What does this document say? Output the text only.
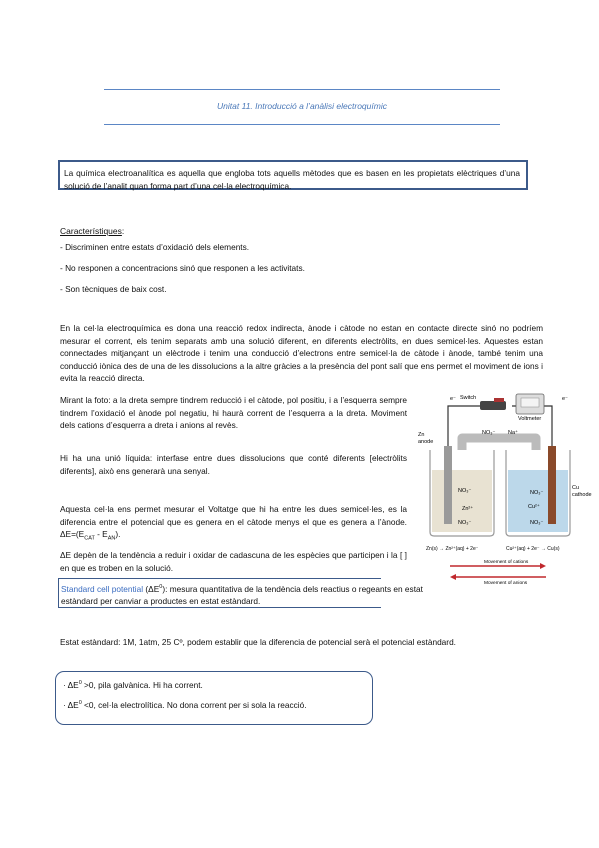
Unitat 11. Introducció a l’anàlisi electroquímic
La química electroanalítica es aquella que engloba tots aquells mètodes que es basen en les propietats elèctriques d’una solució de l’analit quan forma part d’una cel·la electroquímica.
Característiques:
- Discriminen entre estats d’oxidació dels elements.
- No responen a concentracions sinó que responen a les activitats.
- Son tècniques de baix cost.
En la cel·la electroquímica es dona una reacció redox indirecta, ànode i càtode no estan en contacte directe sinó no podríem mesurar el corrent, els tenim separats amb una solució diferent, en diferents electròlits, en dues semicel·les. Aquestes estan connectades mitjançant un elèctrode i tenim una conducció d’electrons entre semicel·la de càtode i ànode, també tenim una conducció iònica des de una de les dissolucions a la altre gràcies a la presència del pont salí que ens permet el moviment de ions i evita la reacció directa.
Mirant la foto: a la dreta sempre tindrem reducció i el càtode, pol positiu, i a l’esquerra sempre tindrem l’oxidació el ànode pol negatiu, hi haurà corrent de l’esquerra a la dreta. Moviment dels cations d’esquerra a dreta i anions al revès.
Hi ha una unió líquida: interfase entre dues dissolucions que conté diferents [electròlits diferents], això ens generarà una senyal.
Aquesta cel·la ens permet mesurar el Voltatge que hi ha entre les dues semicel·les, es la diferencia entre el potencial que es genera en el càtode menys el que es genera a l’ànode. $\Delta E=(E_{CAT} - E_{AN})$.
ΔE depèn de la tendència a reduir i oxidar de cadascuna de les espècies que participen i la [ ] en que es troben en la solució.
Standard cell potential $(\Delta E^0)$: mesura quantitativa de la tendència dels reactius o regeants en estat estàndard per canviar a productes en estat estàndard.
Estat estàndard: 1M, 1atm, 25 Cº, podem establir que la diferencia de potencial serà el potencial estàndard.
· $\Delta E^0 >0$, pila galvànica. Hi ha corrent.
· $\Delta E^0 <0$, cel·la electrolítica. No dona corrent per si sola la reacció.
Switch
Voltmeter
e⁻	e⁻
Zn
anode
Cu
cathode
NO₃⁻ Na⁺
NO₃⁻
Zn²⁺
NO₃⁻
NO₃⁻
Cu²⁺
NO₃⁻
Zn(s) → Zn²⁺(aq) + 2e⁻	Cu²⁺(aq) + 2e⁻ → Cu(s)
Movement of cations
Movement of anions
